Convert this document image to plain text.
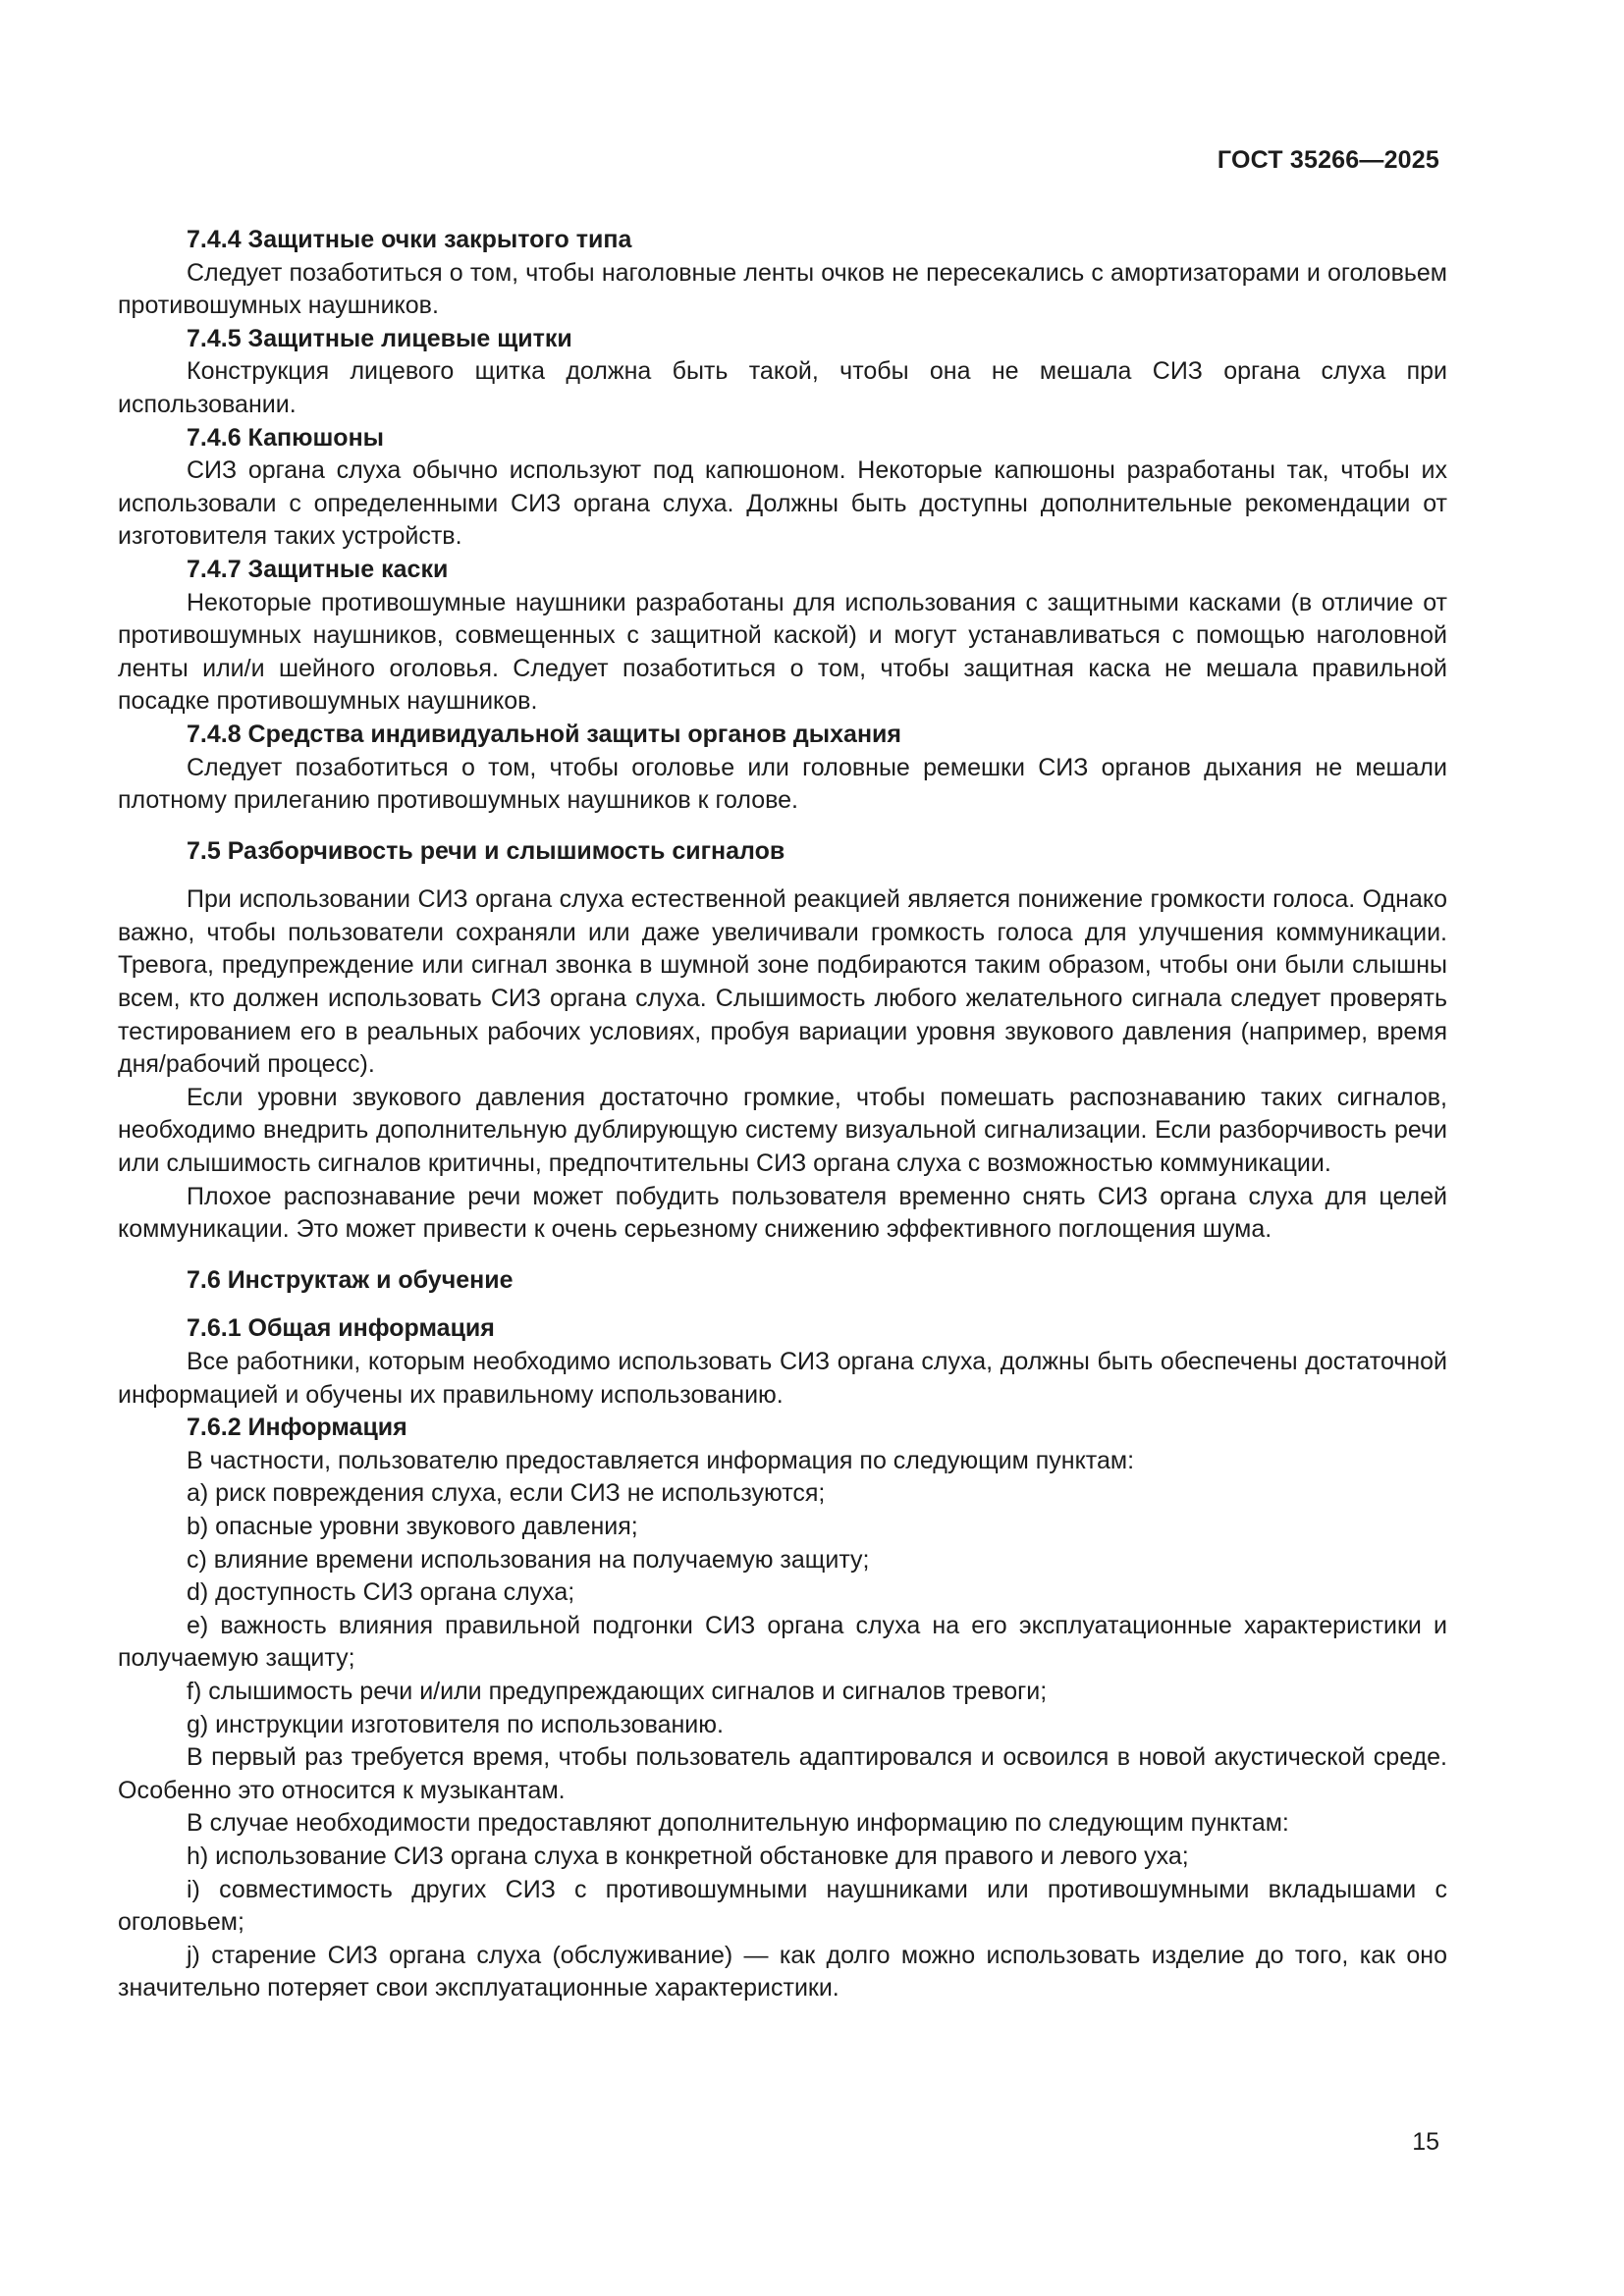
ГОСТ 35266—2025

7.4.4 Защитные очки закрытого типа

Следует позаботиться о том, чтобы наголовные ленты очков не пересекались с амортизаторами и оголовьем противошумных наушников.

7.4.5 Защитные лицевые щитки

Конструкция лицевого щитка должна быть такой, чтобы она не мешала СИЗ органа слуха при использовании.

7.4.6 Капюшоны

СИЗ органа слуха обычно используют под капюшоном. Некоторые капюшоны разработаны так, чтобы их использовали с определенными СИЗ органа слуха. Должны быть доступны дополнительные рекомендации от изготовителя таких устройств.

7.4.7 Защитные каски

Некоторые противошумные наушники разработаны для использования с защитными касками (в отличие от противошумных наушников, совмещенных с защитной каской) и могут устанавливаться с помощью наголовной ленты или/и шейного оголовья. Следует позаботиться о том, чтобы защитная каска не мешала правильной посадке противошумных наушников.

7.4.8 Средства индивидуальной защиты органов дыхания

Следует позаботиться о том, чтобы оголовье или головные ремешки СИЗ органов дыхания не мешали плотному прилеганию противошумных наушников к голове.

7.5 Разборчивость речи и слышимость сигналов

При использовании СИЗ органа слуха естественной реакцией является понижение громкости голоса. Однако важно, чтобы пользователи сохраняли или даже увеличивали громкость голоса для улучшения коммуникации. Тревога, предупреждение или сигнал звонка в шумной зоне подбираются таким образом, чтобы они были слышны всем, кто должен использовать СИЗ органа слуха. Слышимость любого желательного сигнала следует проверять тестированием его в реальных рабочих условиях, пробуя вариации уровня звукового давления (например, время дня/рабочий процесс).

Если уровни звукового давления достаточно громкие, чтобы помешать распознаванию таких сигналов, необходимо внедрить дополнительную дублирующую систему визуальной сигнализации. Если разборчивость речи или слышимость сигналов критичны, предпочтительны СИЗ органа слуха с возможностью коммуникации.

Плохое распознавание речи может побудить пользователя временно снять СИЗ органа слуха для целей коммуникации. Это может привести к очень серьезному снижению эффективного поглощения шума.

7.6 Инструктаж и обучение

7.6.1 Общая информация

Все работники, которым необходимо использовать СИЗ органа слуха, должны быть обеспечены достаточной информацией и обучены их правильному использованию.

7.6.2 Информация

В частности, пользователю предоставляется информация по следующим пунктам:

a) риск повреждения слуха, если СИЗ не используются;

b) опасные уровни звукового давления;

c) влияние времени использования на получаемую защиту;

d) доступность СИЗ органа слуха;

e) важность влияния правильной подгонки СИЗ органа слуха на его эксплуатационные характеристики и получаемую защиту;

f) слышимость речи и/или предупреждающих сигналов и сигналов тревоги;

g) инструкции изготовителя по использованию.

В первый раз требуется время, чтобы пользователь адаптировался и освоился в новой акустической среде. Особенно это относится к музыкантам.

В случае необходимости предоставляют дополнительную информацию по следующим пунктам:

h) использование СИЗ органа слуха в конкретной обстановке для правого и левого уха;

i) совместимость других СИЗ с противошумными наушниками или противошумными вкладышами с оголовьем;

j) старение СИЗ органа слуха (обслуживание) — как долго можно использовать изделие до того, как оно значительно потеряет свои эксплуатационные характеристики.

15
